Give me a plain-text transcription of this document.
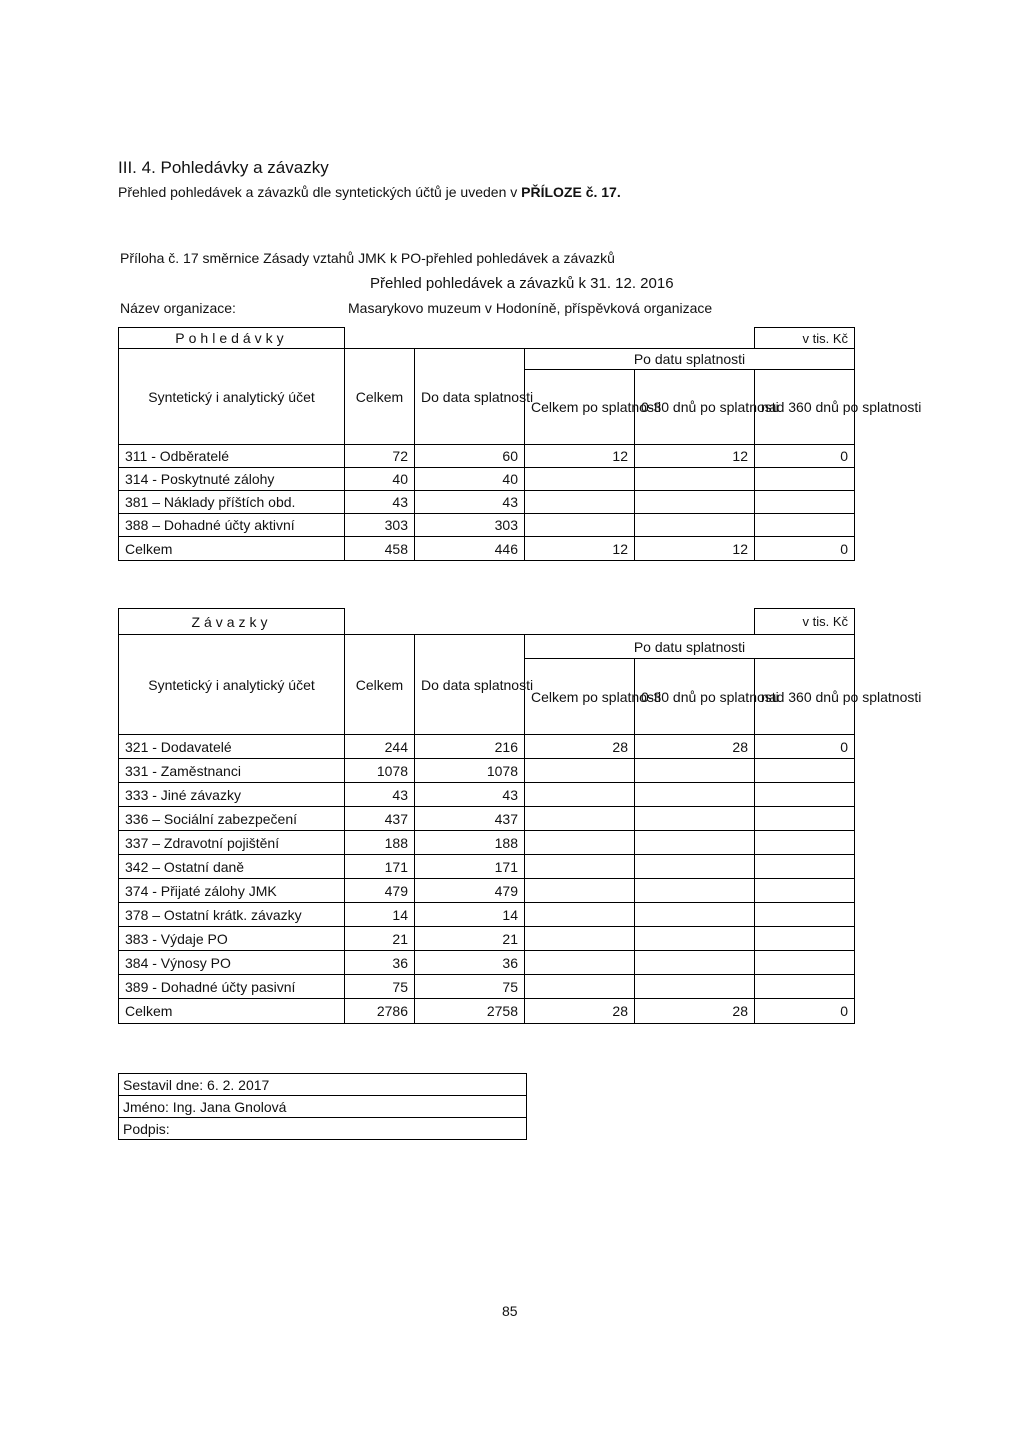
III. 4. Pohledávky a závazky
Přehled pohledávek a závazků dle syntetických účtů je uveden v PŘÍLOZE č. 17.
Příloha č. 17 směrnice Zásady vztahů JMK k PO-přehled pohledávek a závazků
Přehled pohledávek a závazků k 31. 12. 2016
Název organizace:	Masarykovo muzeum v Hodoníně, příspěvková organizace
Pohledávky					v tis. Kč
Syntetický i analytický účet	Celkem	Do data splatnosti	Po datu splatnosti		
			Celkem po splatnosti	0-30 dnů po splatnosti	nad 360 dnů po splatnosti
311 - Odběratelé	72	60	12	12	0
314 - Poskytnuté zálohy	40	40			
381 – Náklady příštích obd.	43	43			
388 – Dohadné účty aktivní	303	303			
Celkem	458	446	12	12	0
Závazky					v tis. Kč
Syntetický i analytický účet	Celkem	Do data splatnosti	Po datu splatnosti		
			Celkem po splatnosti	0-30 dnů po splatnosti	nad 360 dnů po splatnosti
321 - Dodavatelé	244	216	28	28	0
331 - Zaměstnanci	1078	1078			
333 - Jiné závazky	43	43			
336 – Sociální zabezpečení	437	437			
337 – Zdravotní pojištění	188	188			
342 – Ostatní daně	171	171			
374 - Přijaté zálohy JMK	479	479			
378 – Ostatní krátk. závazky	14	14			
383 - Výdaje PO	21	21			
384 - Výnosy PO	36	36			
389 - Dohadné účty pasivní	75	75			
Celkem	2786	2758	28	28	0
Sestavil dne: 6. 2. 2017	
Jméno: Ing. Jana Gnolová	
Podpis:	
85
